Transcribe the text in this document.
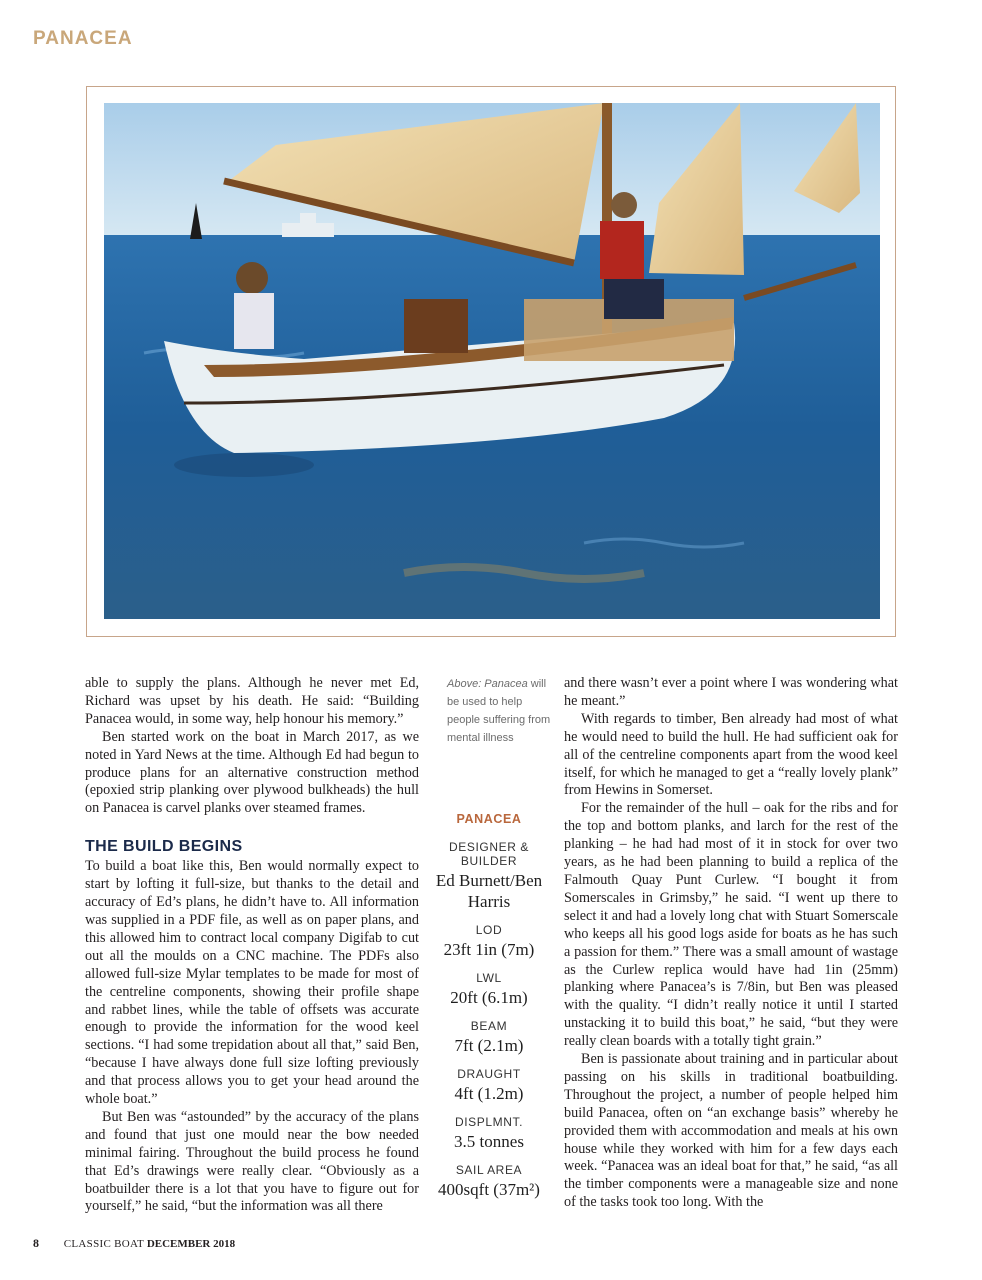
PANACEA

able to supply the plans. Although he never met Ed, Richard was upset by his death. He said: “Building Panacea would, in some way, help honour his memory.”

Ben started work on the boat in March 2017, as we noted in Yard News at the time. Although Ed had begun to produce plans for an alternative construction method (epoxied strip planking over plywood bulkheads) the hull on Panacea is carvel planks over steamed frames.

THE BUILD BEGINS

To build a boat like this, Ben would normally expect to start by lofting it full-size, but thanks to the detail and accuracy of Ed’s plans, he didn’t have to. All information was supplied in a PDF file, as well as on paper plans, and this allowed him to contract local company Digifab to cut out all the moulds on a CNC machine. The PDFs also allowed full-size Mylar templates to be made for most of the centreline components, showing their profile shape and rabbet lines, while the table of offsets was accurate enough to provide the information for the wood keel sections. “I had some trepidation about all that,” said Ben, “because I have always done full size lofting previously and that process allows you to get your head around the whole boat.”

But Ben was “astounded” by the accuracy of the plans and found that just one mould near the bow needed minimal fairing. Throughout the build process he found that Ed’s drawings were really clear. “Obviously as a boatbuilder there is a lot that you have to figure out for yourself,” he said, “but the information was all there

Above: Panacea will be used to help people suffering from mental illness
PANACEA
DESIGNER & BUILDER
Ed Burnett/Ben Harris
LOD
23ft 1in (7m)
LWL
20ft (6.1m)
BEAM
7ft (2.1m)
DRAUGHT
4ft (1.2m)
DISPLMNT.
3.5 tonnes
SAIL AREA
400sqft (37m²)

and there wasn’t ever a point where I was wondering what he meant.”

With regards to timber, Ben already had most of what he would need to build the hull. He had sufficient oak for all of the centreline components apart from the wood keel itself, for which he managed to get a “really lovely plank” from Hewins in Somerset.

For the remainder of the hull – oak for the ribs and for the top and bottom planks, and larch for the rest of the planking – he had had most of it in stock for over two years, as he had been planning to build a replica of the Falmouth Quay Punt Curlew. “I bought it from Somerscales in Grimsby,” he said. “I went up there to select it and had a lovely long chat with Stuart Somerscale who keeps all his good logs aside for boats as he has such a passion for them.” There was a small amount of wastage as the Curlew replica would have had 1in (25mm) planking where Panacea’s is 7/8in, but Ben was pleased with the quality. “I didn’t really notice it until I started unstacking it to build this boat,” he said, “but they were really clean boards with a totally tight grain.”

Ben is passionate about training and in particular about passing on his skills in traditional boatbuilding. Throughout the project, a number of people helped him build Panacea, often on “an exchange basis” whereby he provided them with accommodation and meals at his own house while they worked with him for a few days each week. “Panacea was an ideal boat for that,” he said, “as all the timber components were a manageable size and none of the tasks took too long. With the

8 CLASSIC BOAT DECEMBER 2018
